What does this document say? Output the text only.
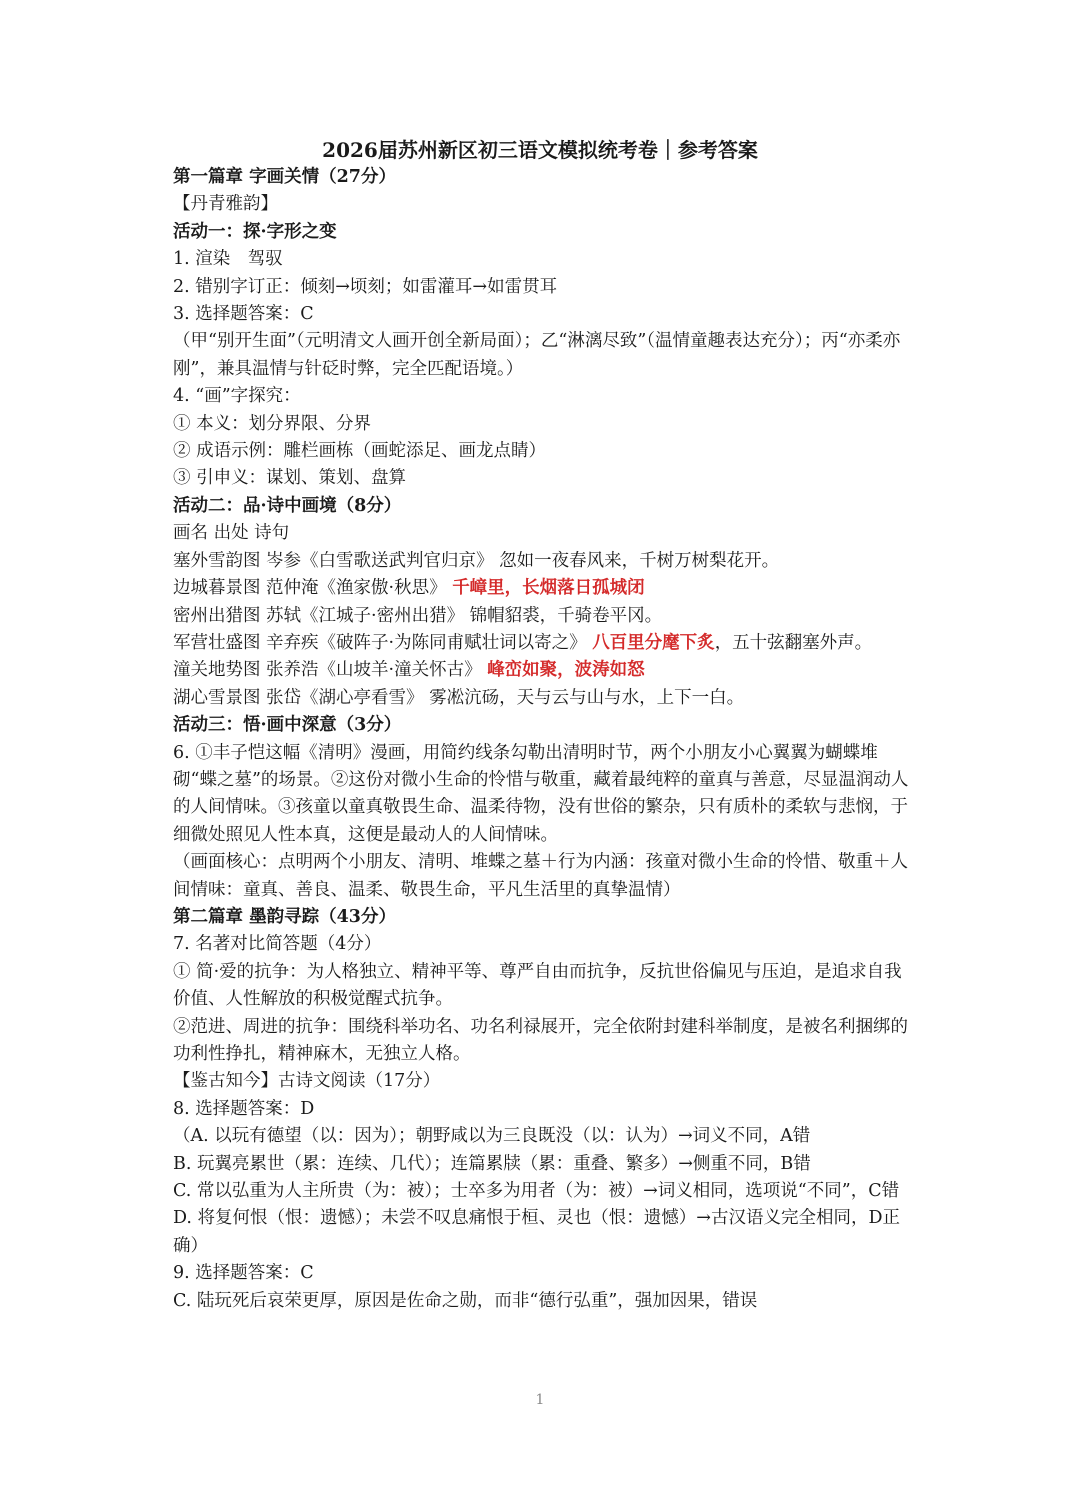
2026届苏州新区初三语文模拟统考卷｜参考答案
第一篇章 字画关情（27分）
【丹青雅韵】
活动一：探·字形之变
1. 渲染　驾驭
2. 错别字订正：倾刻→顷刻；如雷灌耳→如雷贯耳
3. 选择题答案：C
（甲“别开生面”（元明清文人画开创全新局面）；乙“淋漓尽致”（温情童趣表达充分）；丙“亦柔亦刚”，兼具温情与针砭时弊，完全匹配语境。）
4. “画”字探究：
① 本义：划分界限、分界
② 成语示例：雕栏画栋（画蛇添足、画龙点睛）
③ 引申义：谋划、策划、盘算
活动二：品·诗中画境（8分）
画名 出处 诗句
塞外雪韵图 岑参《白雪歌送武判官归京》 忽如一夜春风来，千树万树梨花开。
边城暮景图 范仲淹《渔家傲·秋思》 千嶂里，长烟落日孤城闭
密州出猎图 苏轼《江城子·密州出猎》 锦帽貂裘，千骑卷平冈。
军营壮盛图 辛弃疾《破阵子·为陈同甫赋壮词以寄之》 八百里分麾下炙，五十弦翻塞外声。
潼关地势图 张养浩《山坡羊·潼关怀古》 峰峦如聚，波涛如怒
湖心雪景图 张岱《湖心亭看雪》 雾凇沆砀，天与云与山与水，上下一白。
活动三：悟·画中深意（3分）
6. ①丰子恺这幅《清明》漫画，用简约线条勾勒出清明时节，两个小朋友小心翼翼为蝴蝶堆砌“蝶之墓”的场景。②这份对微小生命的怜惜与敬重，藏着最纯粹的童真与善意，尽显温润动人的人间情味。③孩童以童真敬畏生命、温柔待物，没有世俗的繁杂，只有质朴的柔软与悲悯，于细微处照见人性本真，这便是最动人的人间情味。
（画面核心：点明两个小朋友、清明、堆蝶之墓＋行为内涵：孩童对微小生命的怜惜、敬重＋人间情味：童真、善良、温柔、敬畏生命，平凡生活里的真挚温情）
第二篇章 墨韵寻踪（43分）
7. 名著对比简答题（4分）
① 简·爱的抗争：为人格独立、精神平等、尊严自由而抗争，反抗世俗偏见与压迫，是追求自我价值、人性解放的积极觉醒式抗争。
②范进、周进的抗争：围绕科举功名、功名利禄展开，完全依附封建科举制度，是被名利捆绑的功利性挣扎，精神麻木，无独立人格。
【鉴古知今】古诗文阅读（17分）
8. 选择题答案：D
（A. 以玩有德望（以：因为）；朝野咸以为三良既没（以：认为）→词义不同，A错
B. 玩翼亮累世（累：连续、几代）；连篇累牍（累：重叠、繁多）→侧重不同，B错
C. 常以弘重为人主所贵（为：被）；士卒多为用者（为：被）→词义相同，选项说“不同”，C错
D. 将复何恨（恨：遗憾）；未尝不叹息痛恨于桓、灵也（恨：遗憾）→古汉语义完全相同，D正确）
9. 选择题答案：C
C. 陆玩死后哀荣更厚，原因是佐命之勋，而非“德行弘重”，强加因果，错误
1
